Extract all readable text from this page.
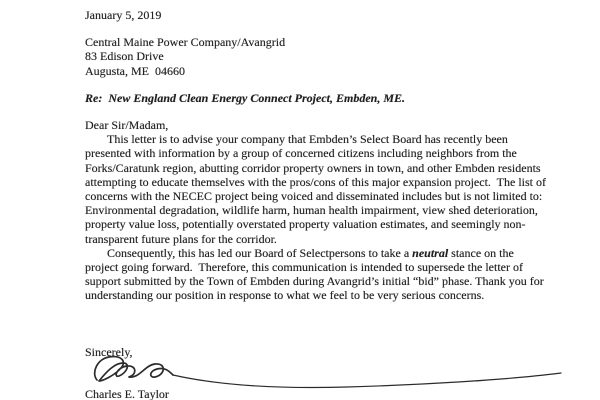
January 5, 2019
Central Maine Power Company/Avangrid
83 Edison Drive
Augusta, ME  04660
Re:  New England Clean Energy Connect Project, Embden, ME.
Dear Sir/Madam,

This letter is to advise your company that Embden’s Select Board has recently been presented with information by a group of concerned citizens including neighbors from the Forks/Caratunk region, abutting corridor property owners in town, and other Embden residents attempting to educate themselves with the pros/cons of this major expansion project.  The list of concerns with the NECEC project being voiced and disseminated includes but is not limited to:  Environmental degradation, wildlife harm, human health impairment, view shed deterioration, property value loss, potentially overstated property valuation estimates, and seemingly non-transparent future plans for the corridor.

Consequently, this has led our Board of Selectpersons to take a neutral stance on the project going forward.  Therefore, this communication is intended to supersede the letter of support submitted by the Town of Embden during Avangrid’s initial “bid” phase. Thank you for understanding our position in response to what we feel to be very serious concerns.

Sincerely,
Charles E. Taylor
